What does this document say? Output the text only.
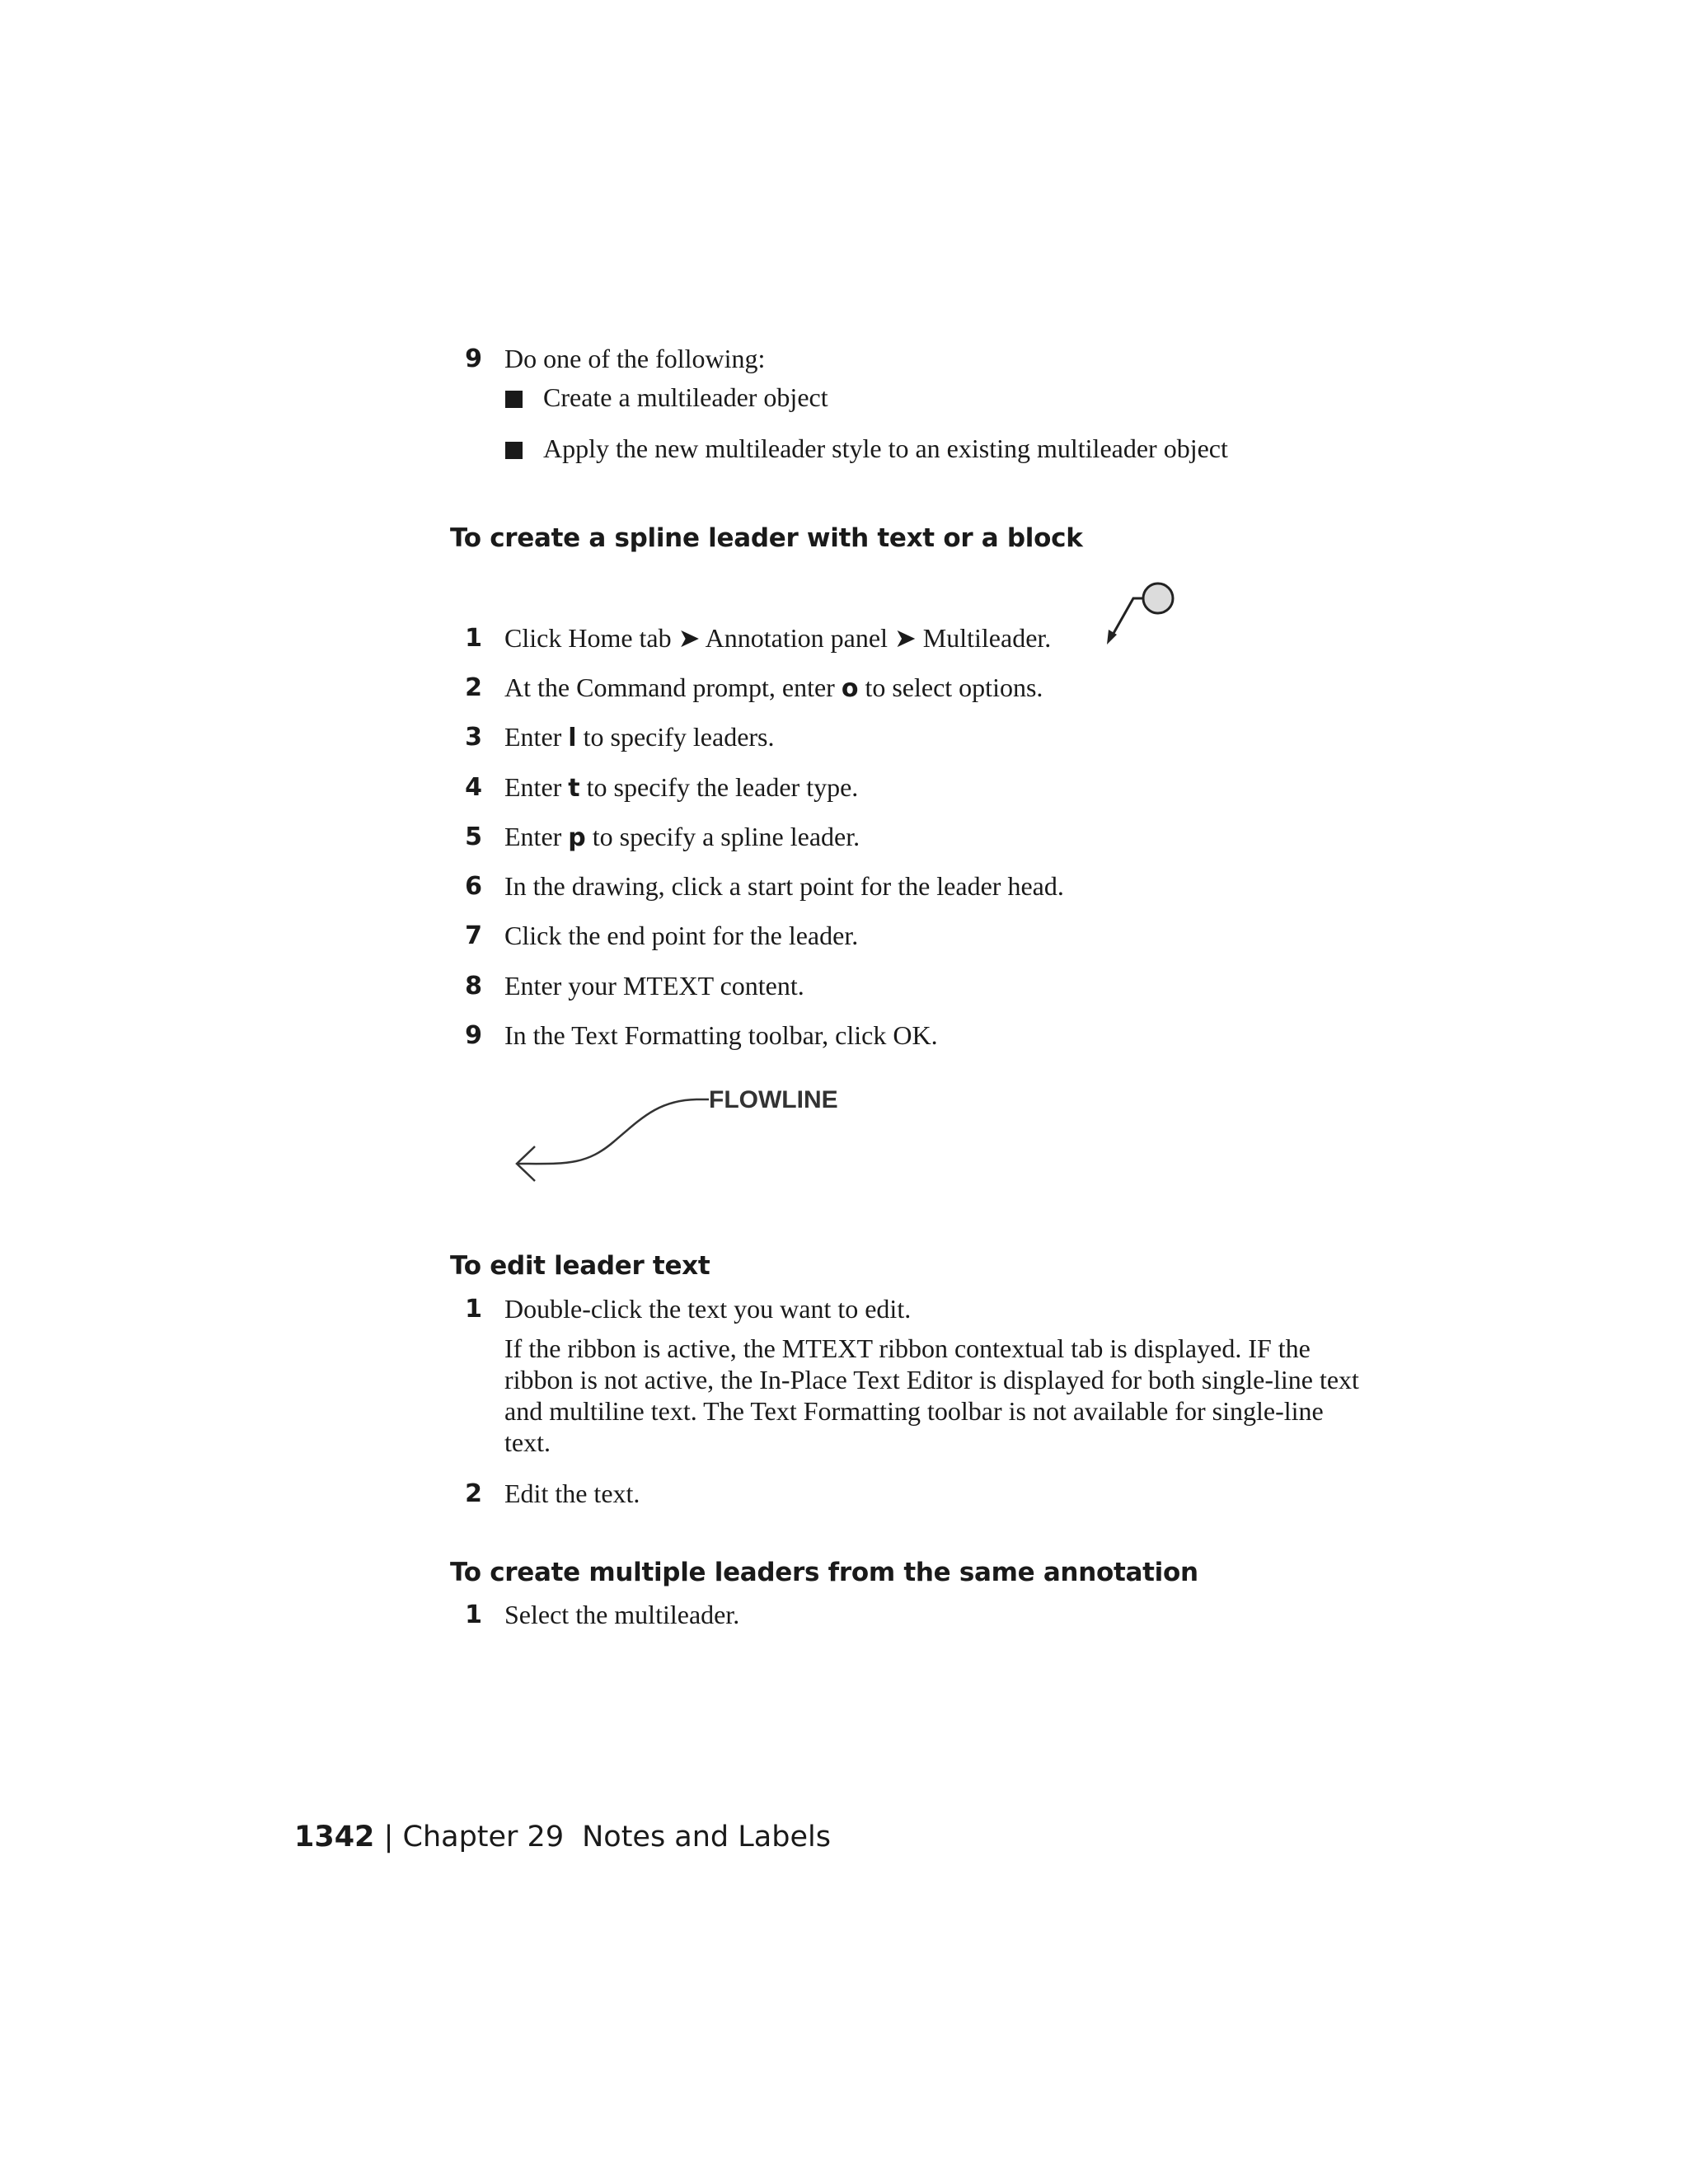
9 Do one of the following:
Create a multileader object
Apply the new multileader style to an existing multileader object
To create a spline leader with text or a block
1 Click Home tab ➤ Annotation panel ➤ Multileader.
2 At the Command prompt, enter o to select options.
3 Enter l to specify leaders.
4 Enter t to specify the leader type.
5 Enter p to specify a spline leader.
6 In the drawing, click a start point for the leader head.
7 Click the end point for the leader.
8 Enter your MTEXT content.
9 In the Text Formatting toolbar, click OK.
FLOWLINE
To edit leader text
1 Double-click the text you want to edit.
If the ribbon is active, the MTEXT ribbon contextual tab is displayed. IF the ribbon is not active, the In-Place Text Editor is displayed for both single-line text and multiline text. The Text Formatting toolbar is not available for single-line text.
2 Edit the text.
To create multiple leaders from the same annotation
1 Select the multileader.
1342 | Chapter 29 Notes and Labels
